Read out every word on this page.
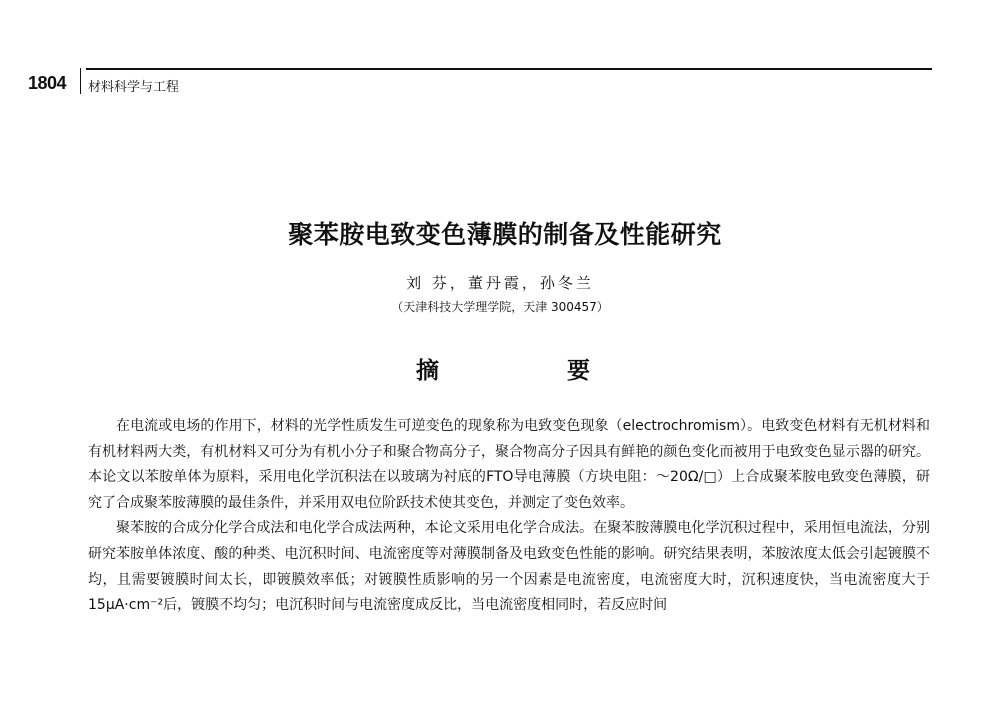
1804 材料科学与工程
聚苯胺电致变色薄膜的制备及性能研究
刘 芬，董丹霞，孙冬兰
（天津科技大学理学院，天津 300457）
摘 要

在电流或电场的作用下，材料的光学性质发生可逆变色的现象称为电致变色现象（electrochromism）。电致变色材料有无机材料和有机材料两大类，有机材料又可分为有机小分子和聚合物高分子，聚合物高分子因具有鲜艳的颜色变化而被用于电致变色显示器的研究。本论文以苯胺单体为原料，采用电化学沉积法在以玻璃为衬底的FTO导电薄膜（方块电阻：～20Ω/□）上合成聚苯胺电致变色薄膜，研究了合成聚苯胺薄膜的最佳条件，并采用双电位阶跃技术使其变色，并测定了变色效率。

聚苯胺的合成分化学合成法和电化学合成法两种，本论文采用电化学合成法。在聚苯胺薄膜电化学沉积过程中，采用恒电流法，分别研究苯胺单体浓度、酸的种类、电沉积时间、电流密度等对薄膜制备及电致变色性能的影响。研究结果表明，苯胺浓度太低会引起镀膜不均，且需要镀膜时间太长，即镀膜效率低；对镀膜性质影响的另一个因素是电流密度，电流密度大时，沉积速度快，当电流密度大于15μA·cm⁻²后，镀膜不均匀；电沉积时间与电流密度成反比，当电流密度相同时，若反应时间
